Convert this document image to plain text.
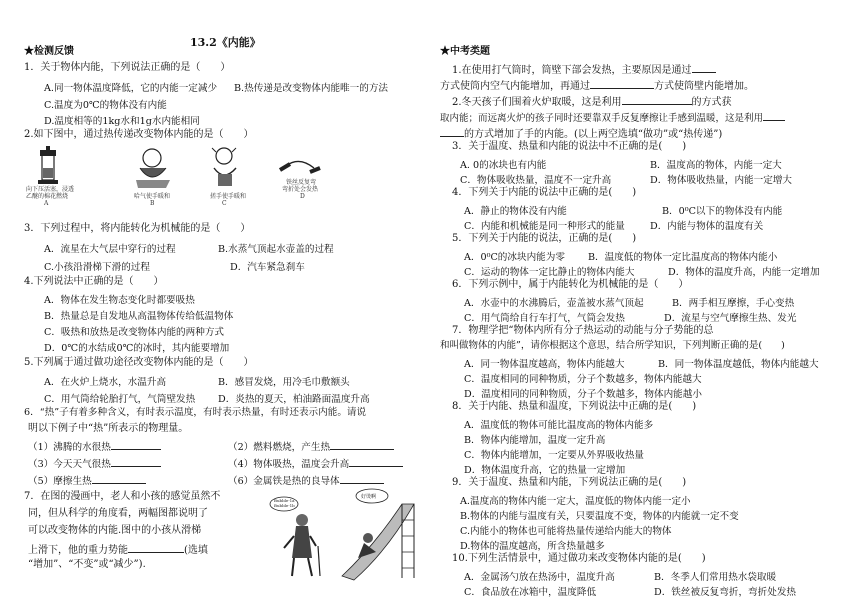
13.2《内能》
★检测反馈
1．关于物体内能，下列说法正确的是（　　）
A.同一物体温度降低，它的内能一定减少 B.热传递是改变物体内能唯一的方法
C.温度为0℃的物体没有内能
D.温度相等的1kg水和1g水内能相同
2.如下图中，通过热传递改变物体内能的是（　　）
向下压活塞，浸透
乙醚的棉花燃烧
A
哈气使手暖和
B
搓手使手暖和
C
铁丝反复弯
弯折处会发热
D
3．下列过程中，将内能转化为机械能的是（　　）
A．流星在大气层中穿行的过程	B.水蒸气顶起水壶盖的过程
C.小孩沿滑梯下滑的过程	D．汽车紧急刹车
4.下列说法中正确的是（　　）
A．物体在发生物态变化时都要吸热
B．热量总是自发地从高温物体传给低温物体
C．吸热和放热是改变物体内能的两种方式
D．0℃的水结成0℃的冰时，其内能要增加
5.下列属于通过做功途径改变物体内能的是（　　）
A．在火炉上烧水，水温升高	B．感冒发烧，用冷毛巾敷额头
C．用气筒给轮胎打气，气筒壁发热 D．炎热的夏天，柏油路面温度升高
6．“热”子有着多种含义，有时表示温度，有时表示热量，有时还表示内能。请说
明以下例子中“热”所表示的物理量。
（1）沸腾的水很热	（2）燃料燃烧，产生热
（3）今天天气很热	（4）物体吸热，温度会升高
（5）摩擦生热	（6）金属铁是热的良导体
7．在图的漫画中，老人和小孩的感觉虽然不
同，但从科学的角度看，两幅图都说明了
可以改变物体的内能.图中的小孩从滑梯
上滑下，他的重力势能	(选填
“增加”、“不变”或“减少”).
Bubble-1a
Bubble-1b
好烫啊
★中考类题
1.在使用打气筒时，筒壁下部会发热，主要原因是通过
方式使筒内空气内能增加，再通过	方式使筒壁内能增加。
2.冬天孩子们围着火炉取暖，这是利用	的方式获
取内能；而远离火炉的孩子同时还要靠双手反复摩擦让手感到温暖，这是利用
的方式增加了手的内能。(以上两空选填“做功”或“热传递”)
3．关于温度、热量和内能的说法中不正确的是(　　)
A. 0的冰块也有内能	B．温度高的物体，内能一定大
C．物体吸收热量，温度不一定升高	D．物体吸收热量，内能一定增大
4．下列关于内能的说法中正确的是(　　)
A．静止的物体没有内能	B．0⁰C以下的物体没有内能
C．内能和机械能是同一种形式的能量	D．内能与物体的温度有关
5．下列关于内能的说法，正确的是(　　)
A．0⁰C的冰块内能为零 B．温度低的物体一定比温度高的物体内能小
C．运动的物体一定比静止的物体内能大	D．物体的温度升高，内能一定增加
6．下列示例中，属于内能转化为机械能的是（　　）
A．水壶中的水沸腾后，壶盖被水蒸气顶起	B．两手相互摩擦，手心变热
C．用气筒给自行车打气，气筒会发热	D．流星与空气摩擦生热、发光
7．物理学把“物体内所有分子热运动的动能与分子势能的总
和叫做物体的内能”，请你根据这个意思，结合所学知识，下列判断正确的是(　　)
A．同一物体温度越高，物体内能越大	B．同一物体温度越低，物体内能越大
C．温度相同的同种物质，分子个数越多，物体内能越大
D．温度相同的同种物质，分子个数越多，物体内能越小
8．关于内能、热量和温度，下列说法中正确的是(　　)
A．温度低的物体可能比温度高的物体内能多
B．物体内能增加，温度一定升高
C．物体内能增加，一定要从外界吸收热量
D．物体温度升高，它的热量一定增加
9．关于温度、热量和内能，下列说法正确的是(　　)
A.温度高的物体内能一定大，温度低的物体内能一定小
B.物体的内能与温度有关，只要温度不变，物体的内能就一定不变
C.内能小的物体也可能将热量传递给内能大的物体
D.物体的温度越高，所含热量越多
10.下列生活情景中，通过做功来改变物体内能的是(　　)
A．金属汤勺放在热汤中，温度升高	B．冬季人们常用热水袋取暖
C．食品放在冰箱中，温度降低	D．铁丝被反复弯折，弯折处发热
